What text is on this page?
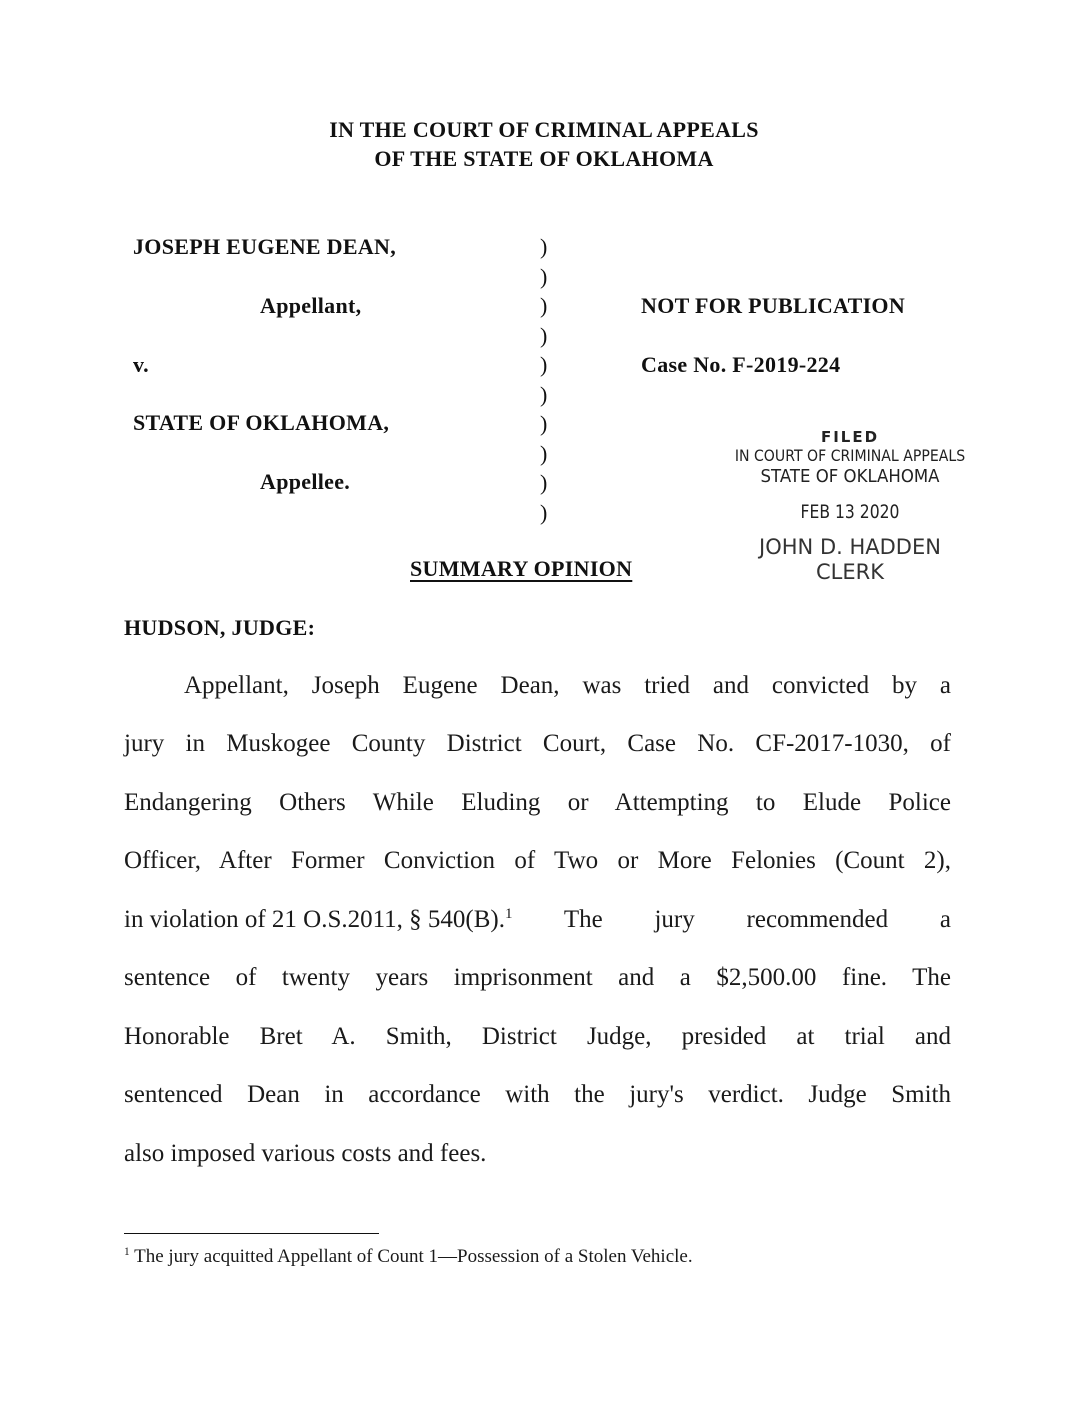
IN THE COURT OF CRIMINAL APPEALS
OF THE STATE OF OKLAHOMA
JOSEPH EUGENE DEAN,
Appellant,
v.
STATE OF OKLAHOMA,
Appellee.
)
)
)
)
)
)
)
)
)
)
NOT FOR PUBLICATION
Case No. F-2019-224
FILED
IN COURT OF CRIMINAL APPEALS
STATE OF OKLAHOMA
FEB 13 2020
JOHN D. HADDEN
CLERK
SUMMARY OPINION
HUDSON, JUDGE:
Appellant, Joseph Eugene Dean, was tried and convicted by a
jury in Muskogee County District Court, Case No. CF-2017-1030, of
Endangering Others While Eluding or Attempting to Elude Police
Officer, After Former Conviction of Two or More Felonies (Count 2),
in violation of 21 O.S.2011, § 540(B).$^1$ The jury recommended a
sentence of twenty years imprisonment and a $2,500.00 fine. The
Honorable Bret A. Smith, District Judge, presided at trial and
sentenced Dean in accordance with the jury's verdict. Judge Smith
also imposed various costs and fees.
$^1$ The jury acquitted Appellant of Count 1—Possession of a Stolen Vehicle.
